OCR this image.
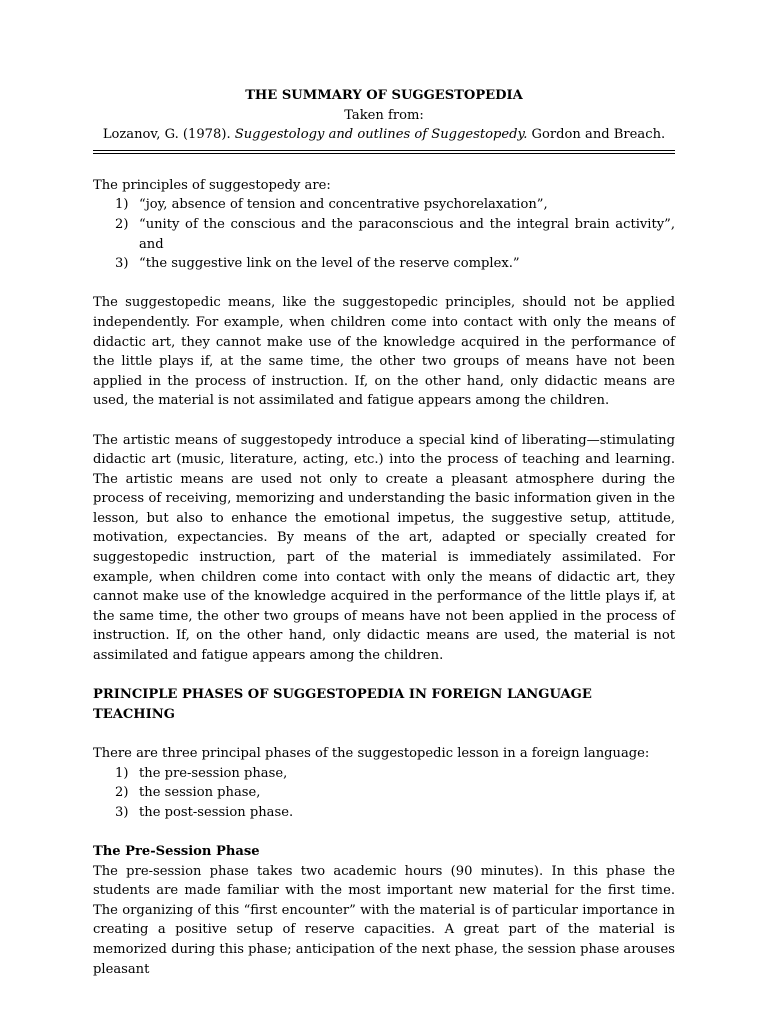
THE SUMMARY OF SUGGESTOPEDIA
Taken from:
Lozanov, G. (1978). Suggestology and outlines of Suggestopedy. Gordon and Breach.

The principles of suggestopedy are:

1) “joy, absence of tension and concentrative psychorelaxation”,
2) “unity of the conscious and the paraconscious and the integral brain activity”, and
3) “the suggestive link on the level of the reserve complex.”

The suggestopedic means, like the suggestopedic principles, should not be applied independently. For example, when children come into contact with only the means of didactic art, they cannot make use of the knowledge acquired in the performance of the little plays if, at the same time, the other two groups of means have not been applied in the process of instruction. If, on the other hand, only didactic means are used, the material is not assimilated and fatigue appears among the children.

The artistic means of suggestopedy introduce a special kind of liberating—stimulating didactic art (music, literature, acting, etc.) into the process of teaching and learning. The artistic means are used not only to create a pleasant atmosphere during the process of receiving, memorizing and understanding the basic information given in the lesson, but also to enhance the emotional impetus, the suggestive setup, attitude, motivation, expectancies. By means of the art, adapted or specially created for suggestopedic instruction, part of the material is immediately assimilated. For example, when children come into contact with only the means of didactic art, they cannot make use of the knowledge acquired in the performance of the little plays if, at the same time, the other two groups of means have not been applied in the process of instruction. If, on the other hand, only didactic means are used, the material is not assimilated and fatigue appears among the children.

PRINCIPLE PHASES OF SUGGESTOPEDIA IN FOREIGN LANGUAGE TEACHING

There are three principal phases of the suggestopedic lesson in a foreign language:

1) the pre-session phase,
2) the session phase,
3) the post-session phase.
The Pre-Session Phase

The pre-session phase takes two academic hours (90 minutes). In this phase the students are made familiar with the most important new material for the first time. The organizing of this “first encounter” with the material is of particular importance in creating a positive setup of reserve capacities. A great part of the material is memorized during this phase; anticipation of the next phase, the session phase arouses pleasant
